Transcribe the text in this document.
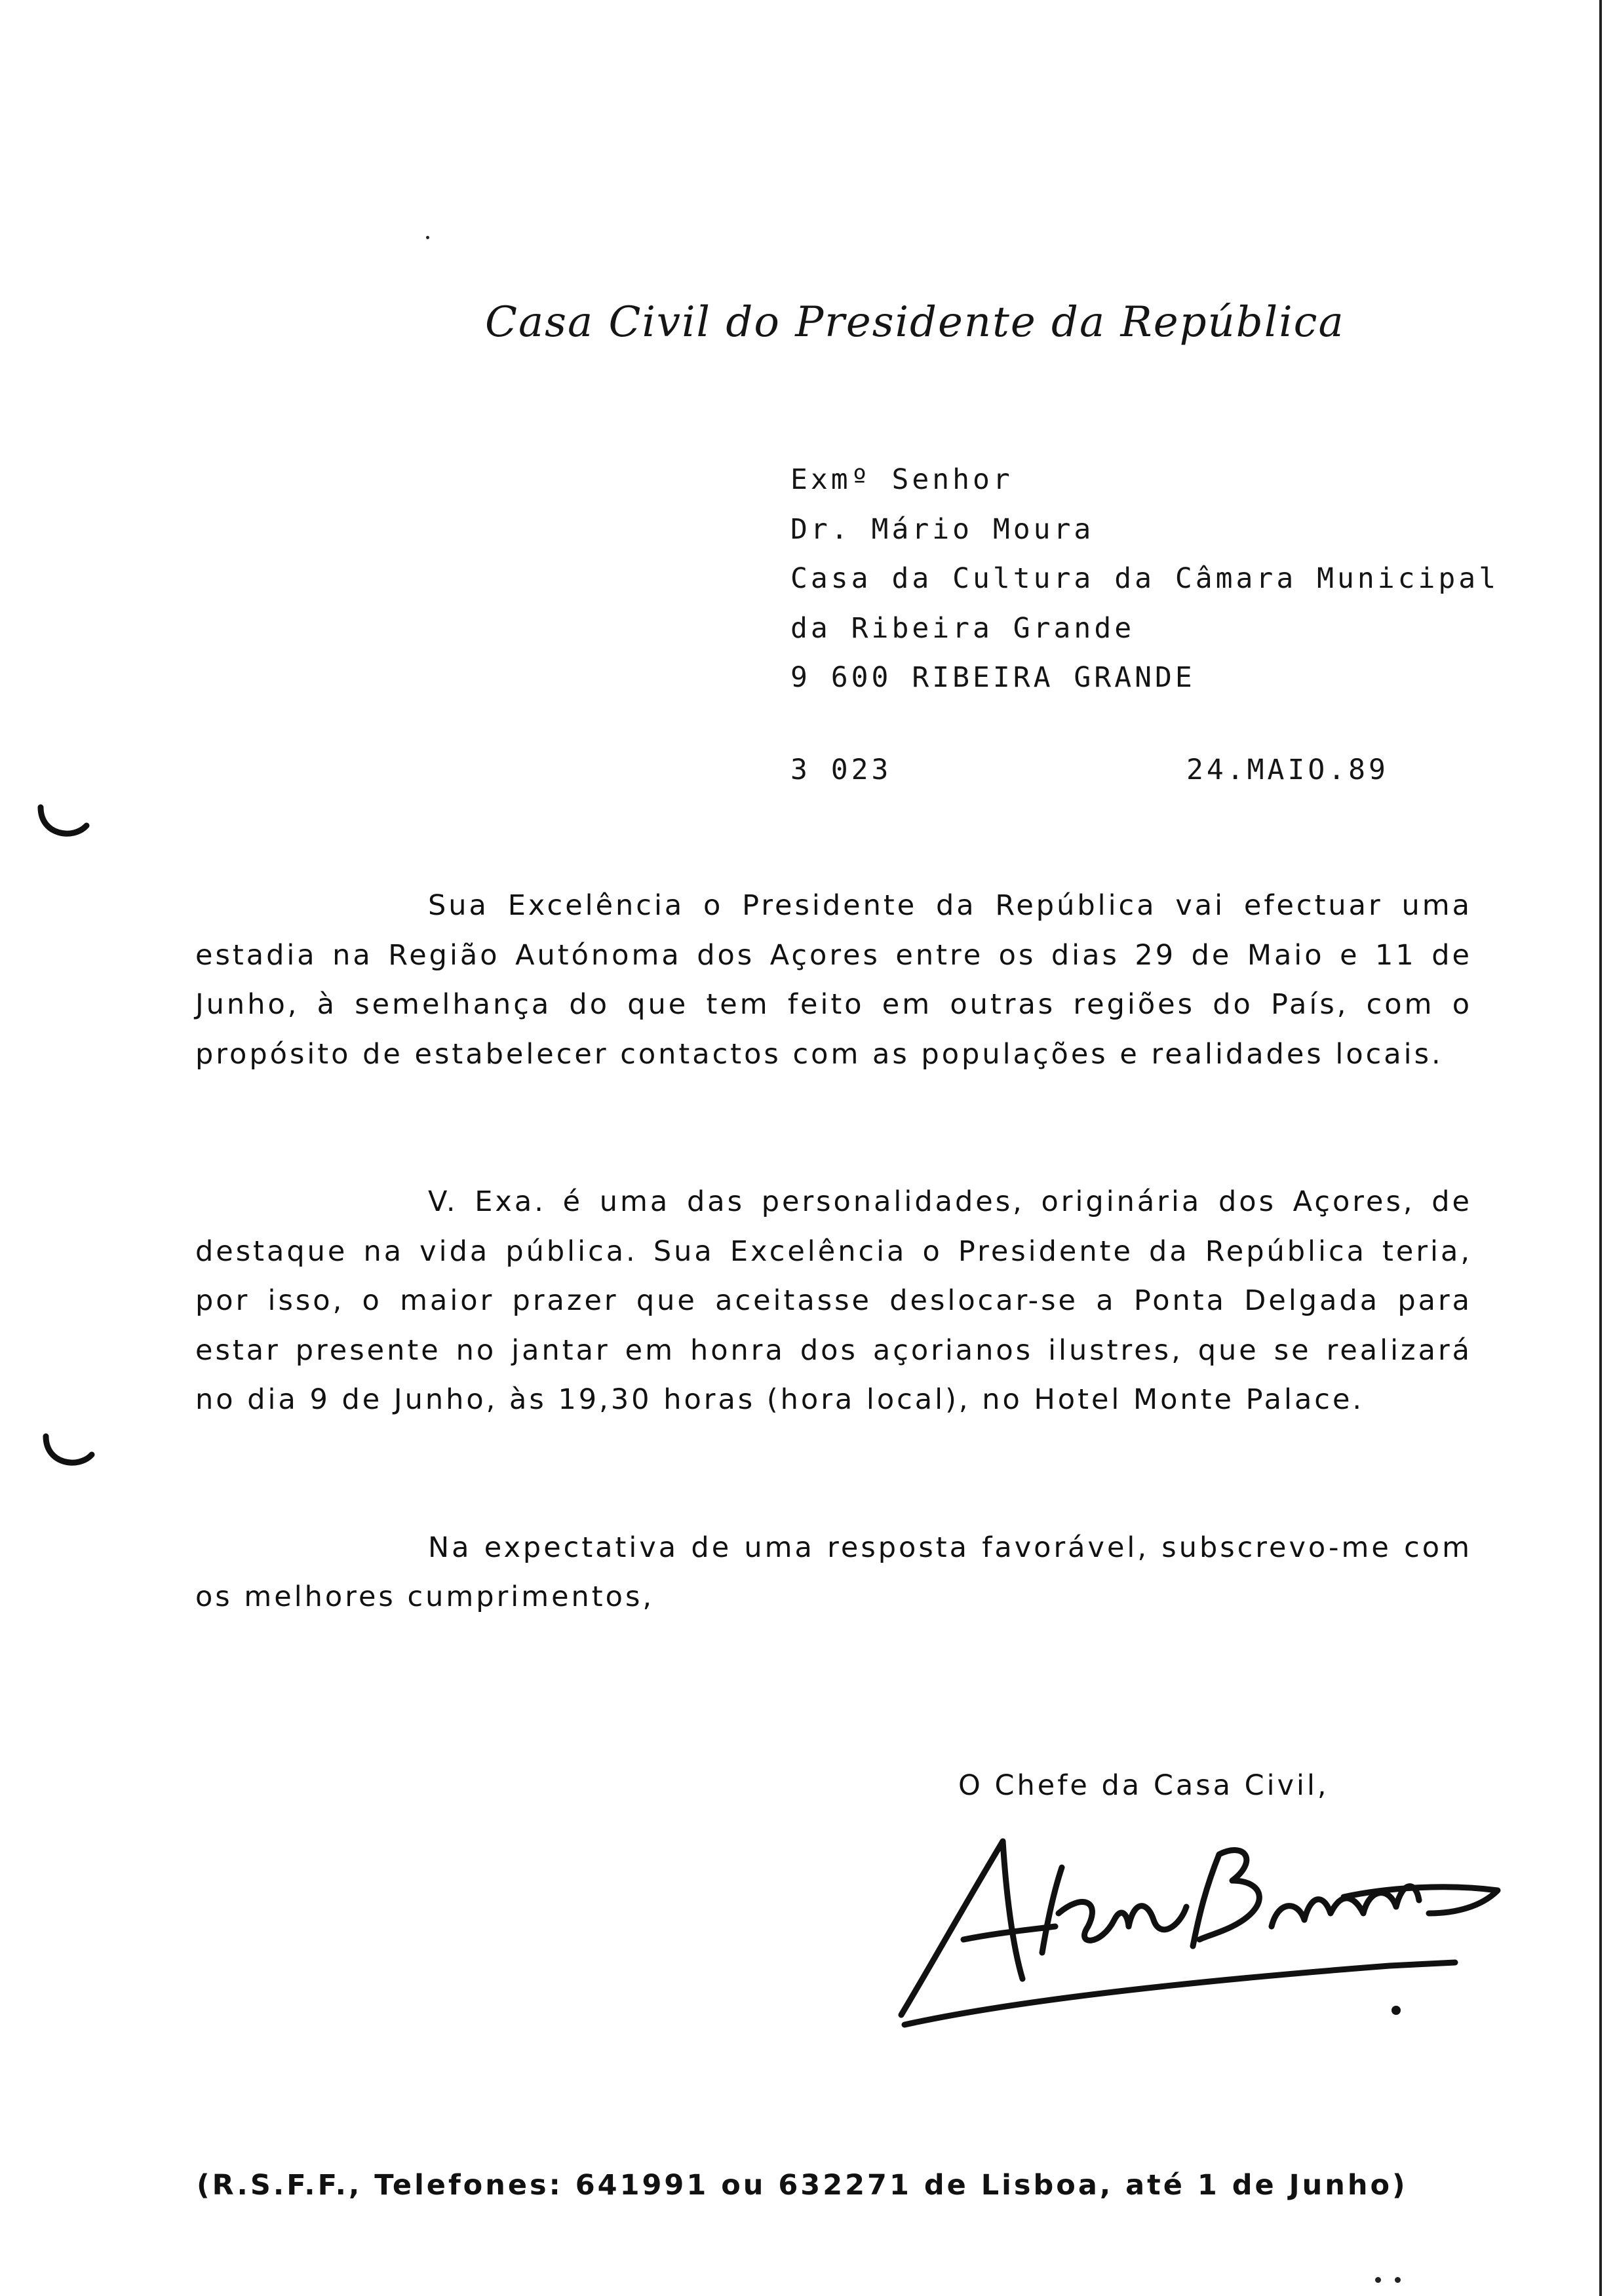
Casa Civil do Presidente da República
Exmº Senhor
Dr. Mário Moura
Casa da Cultura da Câmara Municipal
da Ribeira Grande
9 600 RIBEIRA GRANDE
3 023	24.MAIO.89

Sua Excelência o Presidente da República vai efectuar uma estadia na Região Autónoma dos Açores entre os dias 29 de Maio e 11 de Junho, à semelhança do que tem feito em outras regiões do País, com o propósito de estabelecer contactos com as populações e realidades locais.

V. Exa. é uma das personalidades, originária dos Açores, de destaque na vida pública. Sua Excelência o Presidente da República teria, por isso, o maior prazer que aceitasse deslocar-se a Ponta Delgada para estar presente no jantar em honra dos açorianos ilustres, que se realizará no dia 9 de Junho, às 19,30 horas (hora local), no Hotel Monte Palace.

Na expectativa de uma resposta favorável, subscrevo-me com os melhores cumprimentos,

O Chefe da Casa Civil,
(R.S.F.F., Telefones: 641991 ou 632271 de Lisboa, até 1 de Junho)
